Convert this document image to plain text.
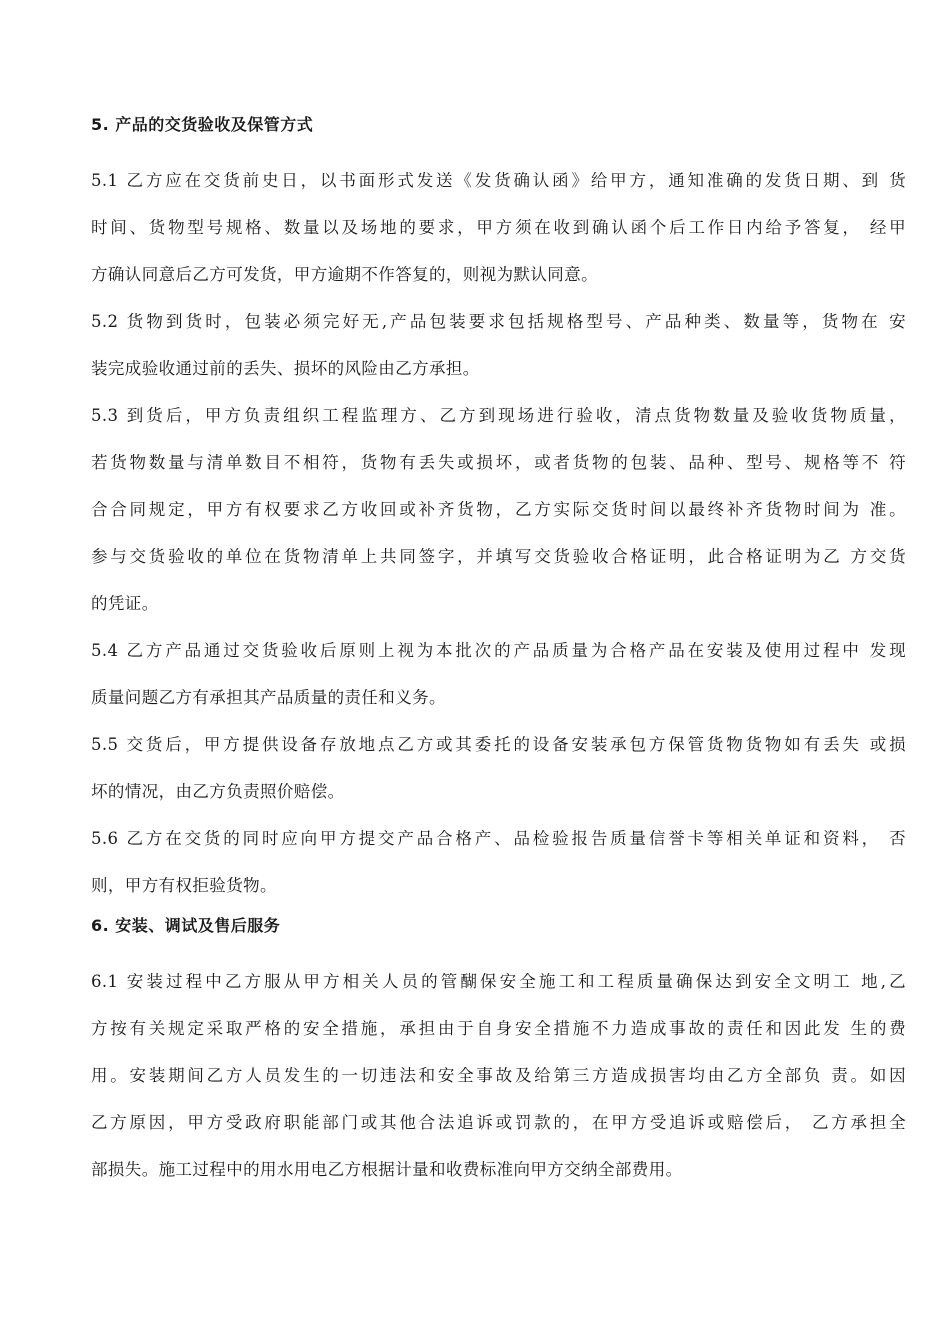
5. 产品的交货验收及保管方式
5.1 乙方应在交货前史日，以书面形式发送《发货确认函》给甲方，通知准确的发货日期、到 货
时间、货物型号规格、数量以及场地的要求，甲方须在收到确认函个后工作日内给予答复， 经甲
方确认同意后乙方可发货，甲方逾期不作答复的，则视为默认同意。
5.2 货物到货时，包装必须完好无,产品包装要求包括规格型号、产品种类、数量等，货物在 安
装完成验收通过前的丢失、损坏的风险由乙方承担。
5.3 到货后，甲方负责组织工程监理方、乙方到现场进行验收，清点货物数量及验收货物质量，
若货物数量与清单数目不相符，货物有丢失或损坏，或者货物的包装、品种、型号、规格等不 符
合合同规定，甲方有权要求乙方收回或补齐货物，乙方实际交货时间以最终补齐货物时间为 准。
参与交货验收的单位在货物清单上共同签字，并填写交货验收合格证明，此合格证明为乙 方交货
的凭证。
5.4 乙方产品通过交货验收后原则上视为本批次的产品质量为合格产品在安装及使用过程中 发现
质量问题乙方有承担其产品质量的责任和义务。
5.5 交货后，甲方提供设备存放地点乙方或其委托的设备安装承包方保管货物货物如有丢失 或损
坏的情况，由乙方负责照价赔偿。
5.6 乙方在交货的同时应向甲方提交产品合格产、品检验报告质量信誉卡等相关单证和资料， 否
则，甲方有权拒验货物。
6. 安装、调试及售后服务
6.1 安装过程中乙方服从甲方相关人员的管醐保安全施工和工程质量确保达到安全文明工 地,乙
方按有关规定采取严格的安全措施，承担由于自身安全措施不力造成事故的责任和因此发 生的费
用。安装期间乙方人员发生的一切违法和安全事故及给第三方造成损害均由乙方全部负 责。如因
乙方原因，甲方受政府职能部门或其他合法追诉或罚款的，在甲方受追诉或赔偿后， 乙方承担全
部损失。施工过程中的用水用电乙方根据计量和收费标准向甲方交纳全部费用。
